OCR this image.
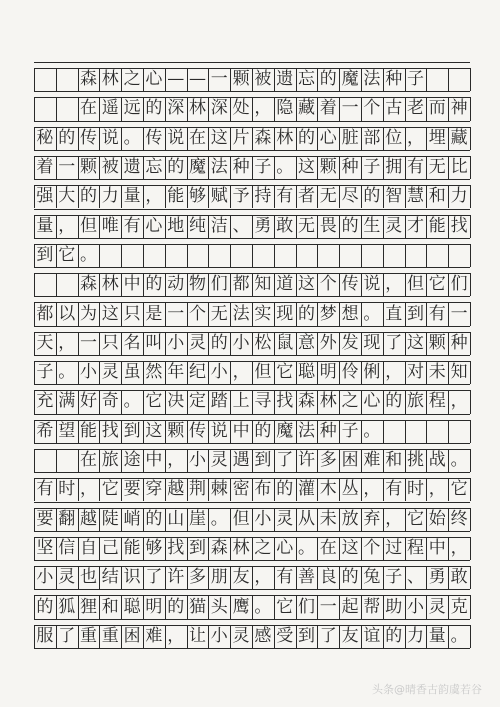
森 林 之 心 — — 一 颗 被 遗 忘 的 魔 法 种 子
在 遥 远 的 深 林 深 处 ， 隐 藏 着 一 个 古 老 而 神
秘 的 传 说 。 传 说 在 这 片 森 林 的 心 脏 部 位 ， 埋 藏
着 一 颗 被 遗 忘 的 魔 法 种 子 。 这 颗 种 子 拥 有 无 比
强 大 的 力 量 ， 能 够 赋 予 持 有 者 无 尽 的 智 慧 和 力
量 ， 但 唯 有 心 地 纯 洁 、 勇 敢 无 畏 的 生 灵 才 能 找
到 它 。
森 林 中 的 动 物 们 都 知 道 这 个 传 说 ， 但 它 们
都 以 为 这 只 是 一 个 无 法 实 现 的 梦 想 。 直 到 有 一
天 ， 一 只 名 叫 小 灵 的 小 松 鼠 意 外 发 现 了 这 颗 种
子 。 小 灵 虽 然 年 纪 小 ， 但 它 聪 明 伶 俐 ， 对 未 知
充 满 好 奇 。 它 决 定 踏 上 寻 找 森 林 之 心 的 旅 程 ，
希 望 能 找 到 这 颗 传 说 中 的 魔 法 种 子 。
在 旅 途 中 ， 小 灵 遇 到 了 许 多 困 难 和 挑 战 。
有 时 ， 它 要 穿 越 荆 棘 密 布 的 灌 木 丛 ， 有 时 ， 它
要 翻 越 陡 峭 的 山 崖 。 但 小 灵 从 未 放 弃 ， 它 始 终
坚 信 自 己 能 够 找 到 森 林 之 心 。 在 这 个 过 程 中 ，
小 灵 也 结 识 了 许 多 朋 友 ， 有 善 良 的 兔 子 、 勇 敢
的 狐 狸 和 聪 明 的 猫 头 鹰 。 它 们 一 起 帮 助 小 灵 克
服 了 重 重 困 难 ， 让 小 灵 感 受 到 了 友 谊 的 力 量 。
头条@晴香古韵虞若谷
